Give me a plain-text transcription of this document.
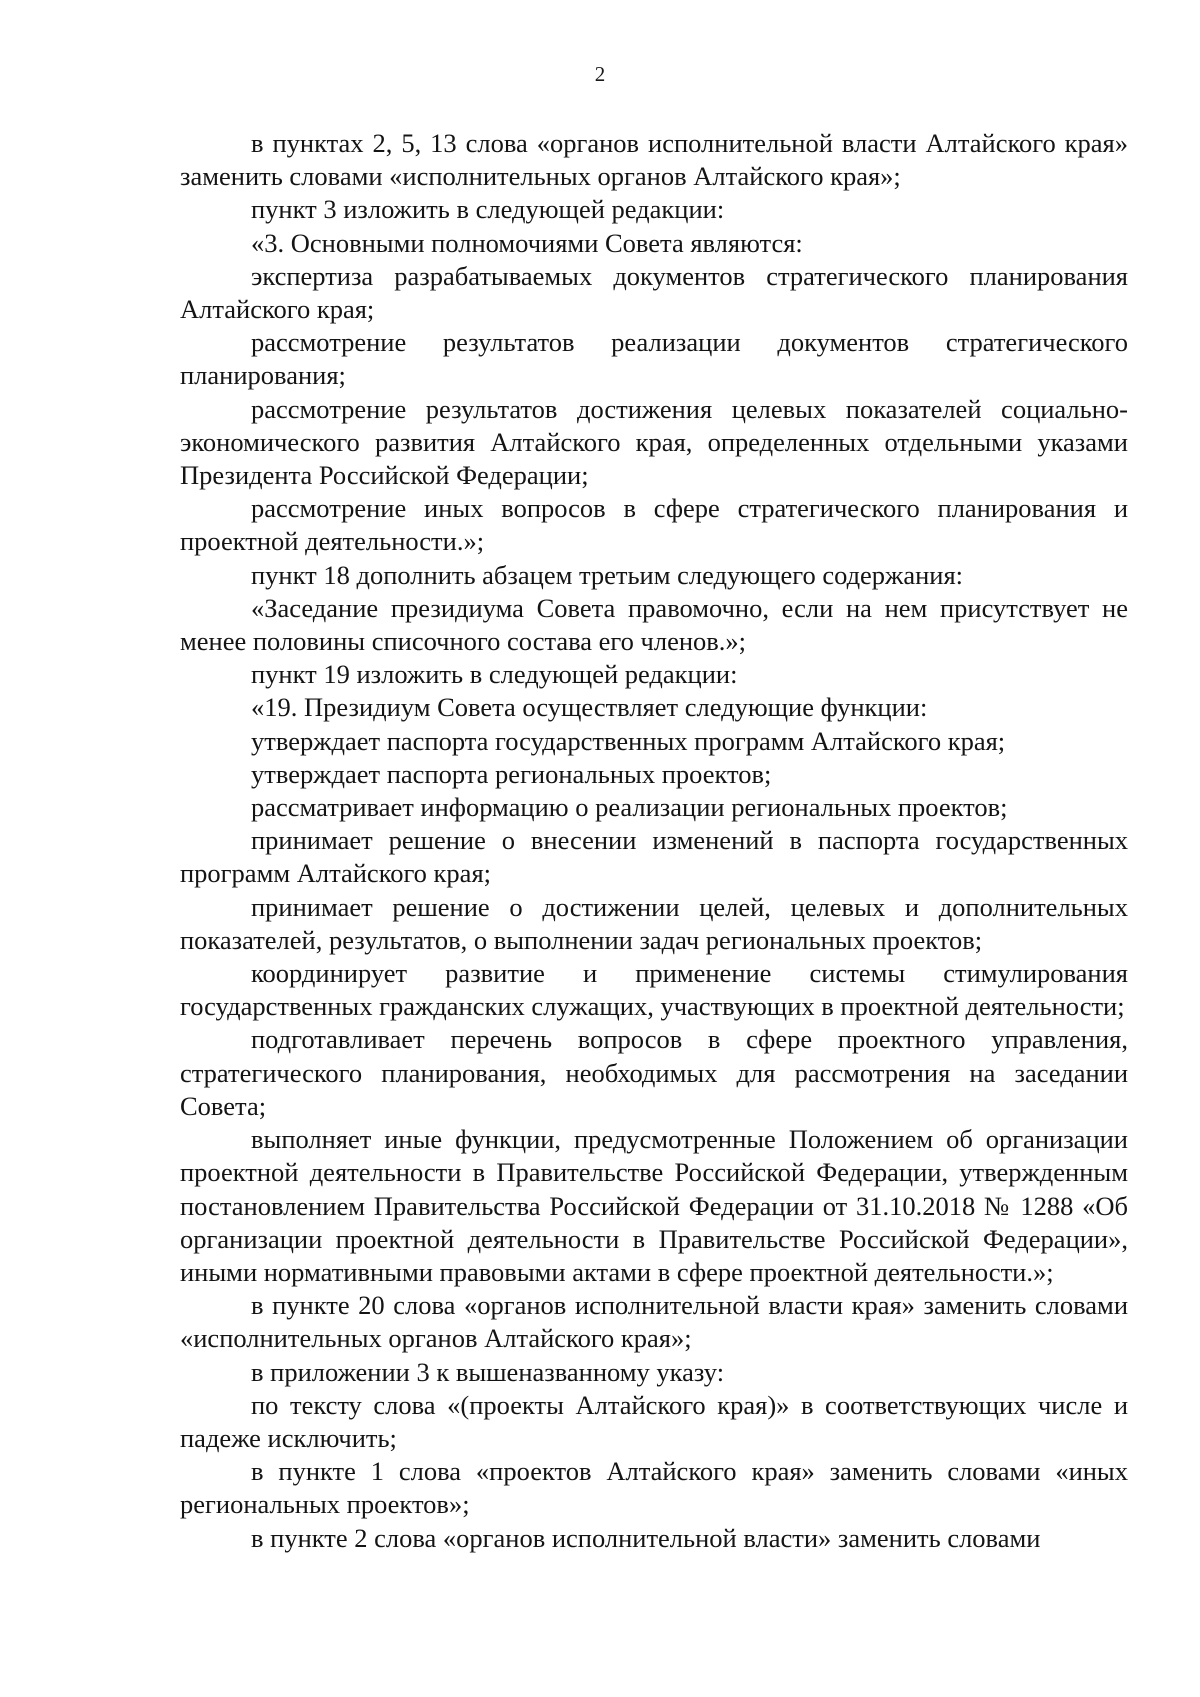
2

в пунктах 2, 5, 13 слова «органов исполнительной власти Алтайского края» заменить словами «исполнительных органов Алтайского края»;

пункт 3 изложить в следующей редакции:

«3. Основными полномочиями Совета являются:

экспертиза разрабатываемых документов стратегического планирования Алтайского края;

рассмотрение результатов реализации документов стратегического планирования;

рассмотрение результатов достижения целевых показателей социально-экономического развития Алтайского края, определенных отдельными указами Президента Российской Федерации;

рассмотрение иных вопросов в сфере стратегического планирования и проектной деятельности.»;

пункт 18 дополнить абзацем третьим следующего содержания:

«Заседание президиума Совета правомочно, если на нем присутствует не менее половины списочного состава его членов.»;

пункт 19 изложить в следующей редакции:

«19. Президиум Совета осуществляет следующие функции:

утверждает паспорта государственных программ Алтайского края;

утверждает паспорта региональных проектов;

рассматривает информацию о реализации региональных проектов;

принимает решение о внесении изменений в паспорта государственных программ Алтайского края;

принимает решение о достижении целей, целевых и дополнительных показателей, результатов, о выполнении задач региональных проектов;

координирует развитие и применение системы стимулирования государственных гражданских служащих, участвующих в проектной деятельности;

подготавливает перечень вопросов в сфере проектного управления, стратегического планирования, необходимых для рассмотрения на заседании Совета;

выполняет иные функции, предусмотренные Положением об организации проектной деятельности в Правительстве Российской Федерации, утвержденным постановлением Правительства Российской Федерации от 31.10.2018 № 1288 «Об организации проектной деятельности в Правительстве Российской Федерации», иными нормативными правовыми актами в сфере проектной деятельности.»;

в пункте 20 слова «органов исполнительной власти края» заменить словами «исполнительных органов Алтайского края»;

в приложении 3 к вышеназванному указу:

по тексту слова «(проекты Алтайского края)» в соответствующих числе и падеже исключить;

в пункте 1 слова «проектов Алтайского края» заменить словами «иных региональных проектов»;

в пункте 2 слова «органов исполнительной власти» заменить словами
